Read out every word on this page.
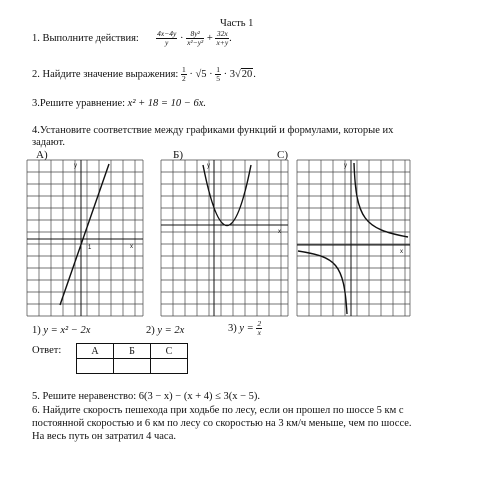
Часть 1
1. Выполните действия: $\frac{4x-4y}{y} \cdot \frac{\text{8y²}}{\text{x²−y²}} + \frac{32x}{x+y}$ .
2. Найдите значение выражения: $\frac{1}{2} \cdot √5 \cdot \frac{1}{5} \cdot 3√20$.
3.Решите уравнение: x² + 18 = 10 − 6x.
4.Установите соответствие между графиками функций и формулами, которые их
задают.
А)	Б)	С)
x
y
1
x
y
x
y
1) y = x² − 2x	2) y = 2x	3) $y = \frac{2}{x}$
Ответ:	А	Б	С

5. Решите неравенство: 6(3 − x) − (x + 4) ≤ 3(x − 5).
6. Найдите скорость пешехода при ходьбе по лесу, если он прошел по шоссе 5 км с
постоянной скоростью и 6 км по лесу со скоростью на 3 км/ч меньше, чем по шоссе.
На весь путь он затратил 4 часа.
